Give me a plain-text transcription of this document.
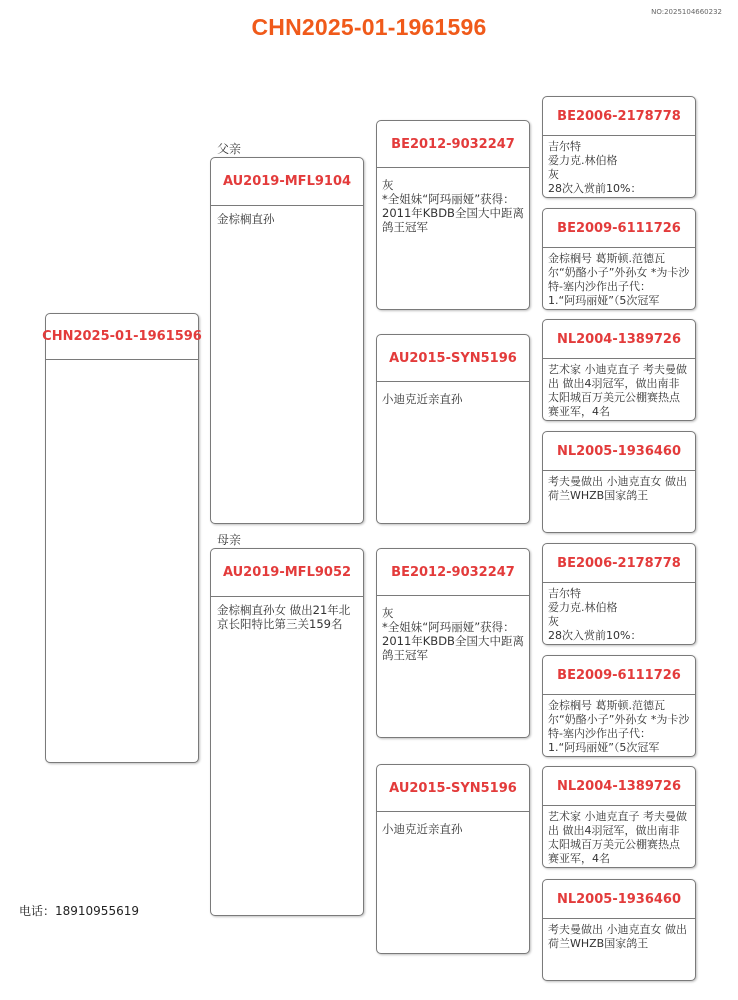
CHN2025-01-1961596
NO:2025104660232
CHN2025-01-1961596
父亲
AU2019-MFL9104
金棕榈直孙
母亲
AU2019-MFL9052
金棕榈直孙女 做出21年北京长阳特比第三关159名
BE2012-9032247
灰
*全姐妹“阿玛丽娅”获得：
2011年KBDB全国大中距离鸽王冠军
AU2015-SYN5196
小迪克近亲直孙
BE2012-9032247
灰
*全姐妹“阿玛丽娅”获得：
2011年KBDB全国大中距离鸽王冠军
AU2015-SYN5196
小迪克近亲直孙
BE2006-2178778
吉尔特
爱力克.林伯格
灰
28次入赏前10%：
BE2009-6111726
金棕榈号 葛斯顿.范德瓦尔“奶酪小子”外孙女 *为卡沙特-塞内沙作出子代：
1.“阿玛丽娅”（5次冠军
NL2004-1389726
艺术家 小迪克直子 考夫曼做出 做出4羽冠军，做出南非太阳城百万美元公棚赛热点赛亚军，4名
NL2005-1936460
考夫曼做出 小迪克直女 做出荷兰WHZB国家鸽王
BE2006-2178778
吉尔特
爱力克.林伯格
灰
28次入赏前10%：
BE2009-6111726
金棕榈号 葛斯顿.范德瓦尔“奶酪小子”外孙女 *为卡沙特-塞内沙作出子代：
1.“阿玛丽娅”（5次冠军
NL2004-1389726
艺术家 小迪克直子 考夫曼做出 做出4羽冠军，做出南非太阳城百万美元公棚赛热点赛亚军，4名
NL2005-1936460
考夫曼做出 小迪克直女 做出荷兰WHZB国家鸽王
电话：18910955619
